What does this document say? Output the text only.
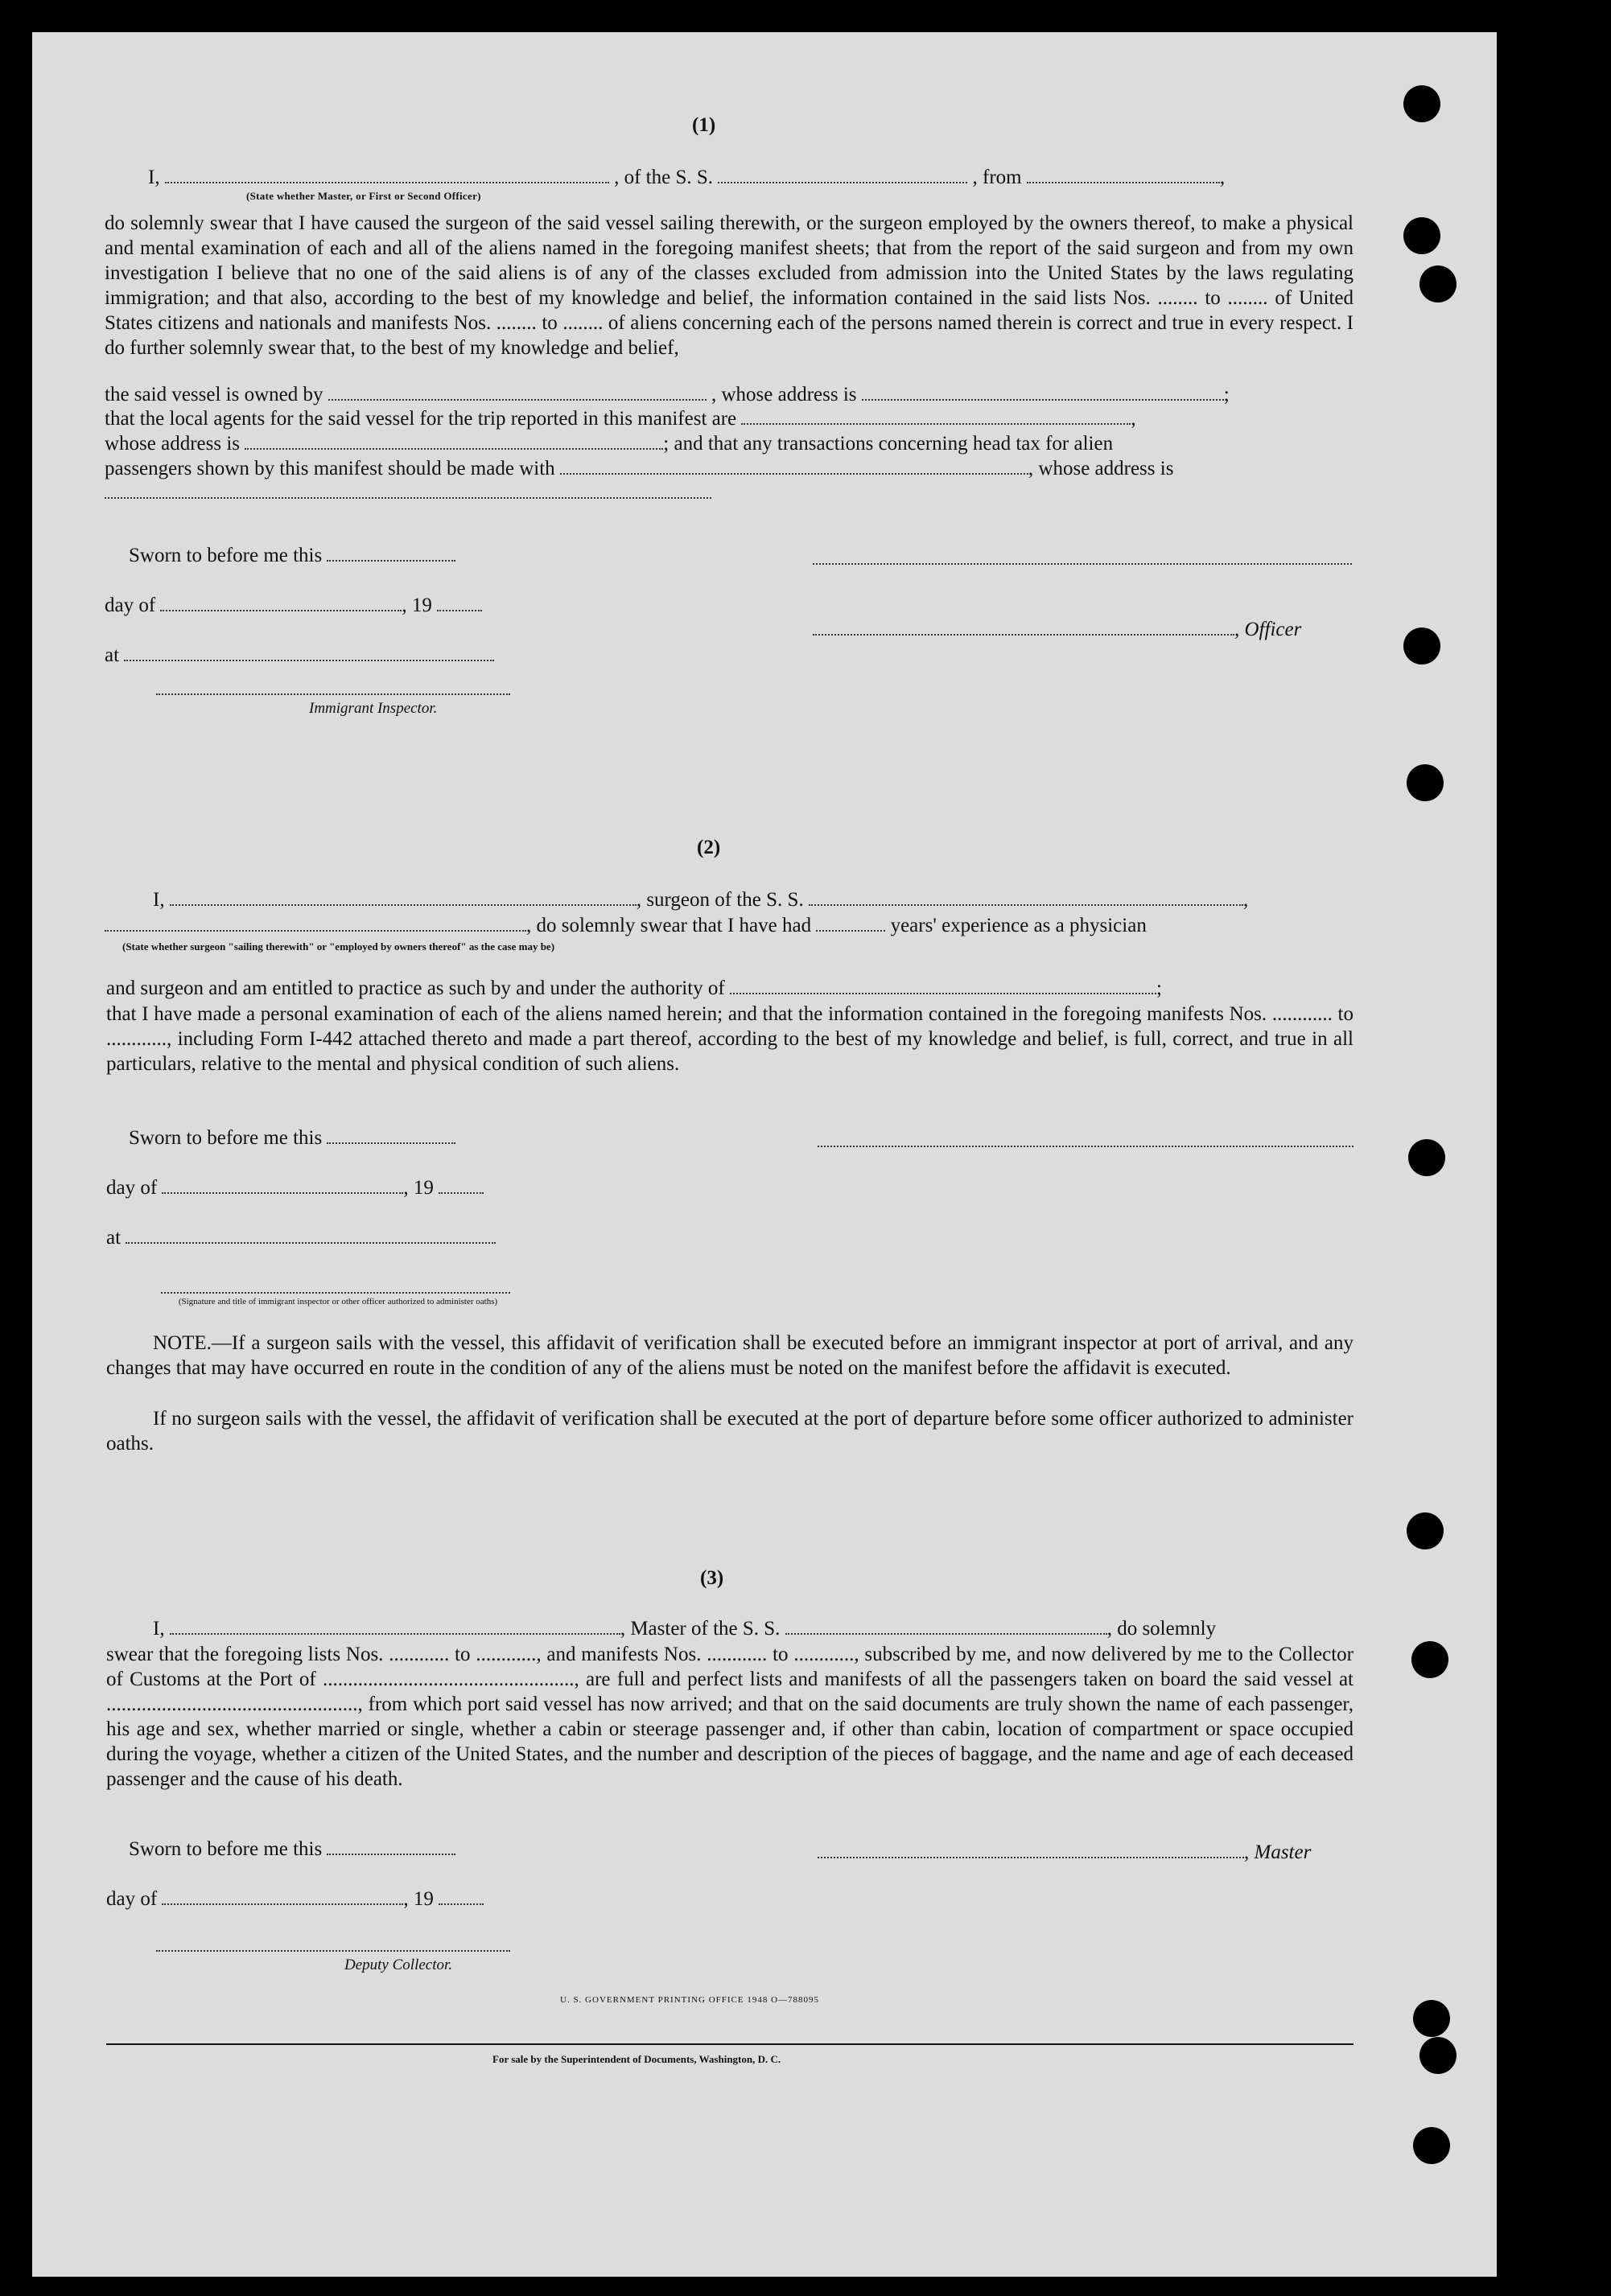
(1)
I,	, of the S. S.	, from	,
(State whether Master, or First or Second Officer)
do solemnly swear that I have caused the surgeon of the said vessel sailing therewith, or the surgeon employed by the owners thereof, to make a physical and mental examination of each and all of the aliens named in the foregoing manifest sheets; that from the report of the said surgeon and from my own investigation I believe that no one of the said aliens is of any of the classes excluded from admission into the United States by the laws regulating immigration; and that also, according to the best of my knowledge and belief, the information contained in the said lists Nos. ........ to ........ of United States citizens and nationals and manifests Nos. ........ to ........ of aliens concerning each of the persons named therein is correct and true in every respect. I do further solemnly swear that, to the best of my knowledge and belief,
the said vessel is owned by	, whose address is	;
that the local agents for the said vessel for the trip reported in this manifest are	,
whose address is	; and that any transactions concerning head tax for alien
passengers shown by this manifest should be made with	, whose address is
Sworn to before me this
day of	, 19
, Officer
at
Immigrant Inspector.
(2)
I,	, surgeon of the S. S.	,
, do solemnly swear that I have had	years' experience as a physician
(State whether surgeon "sailing therewith" or "employed by owners thereof" as the case may be)
and surgeon and am entitled to practice as such by and under the authority of	;
that I have made a personal examination of each of the aliens named herein; and that the information contained in the foregoing manifests Nos. ............ to ............, including Form I-442 attached thereto and made a part thereof, according to the best of my knowledge and belief, is full, correct, and true in all particulars, relative to the mental and physical condition of such aliens.
Sworn to before me this
day of	, 19
at
(Signature and title of immigrant inspector or other officer authorized to administer oaths)
NOTE.—If a surgeon sails with the vessel, this affidavit of verification shall be executed before an immigrant inspector at port of arrival, and any changes that may have occurred en route in the condition of any of the aliens must be noted on the manifest before the affidavit is executed.
If no surgeon sails with the vessel, the affidavit of verification shall be executed at the port of departure before some officer authorized to administer oaths.
(3)
I,	, Master of the S. S.	, do solemnly
swear that the foregoing lists Nos. ............ to ............, and manifests Nos. ............ to ............, subscribed by me, and now delivered by me to the Collector of Customs at the Port of .................................................., are full and perfect lists and manifests of all the passengers taken on board the said vessel at .................................................., from which port said vessel has now arrived; and that on the said documents are truly shown the name of each passenger, his age and sex, whether married or single, whether a cabin or steerage passenger and, if other than cabin, location of compartment or space occupied during the voyage, whether a citizen of the United States, and the number and description of the pieces of baggage, and the name and age of each deceased passenger and the cause of his death.
Sworn to before me this	, Master
day of	, 19
Deputy Collector.
U. S. GOVERNMENT PRINTING OFFICE 1948 O—788095
For sale by the Superintendent of Documents, Washington, D. C.
